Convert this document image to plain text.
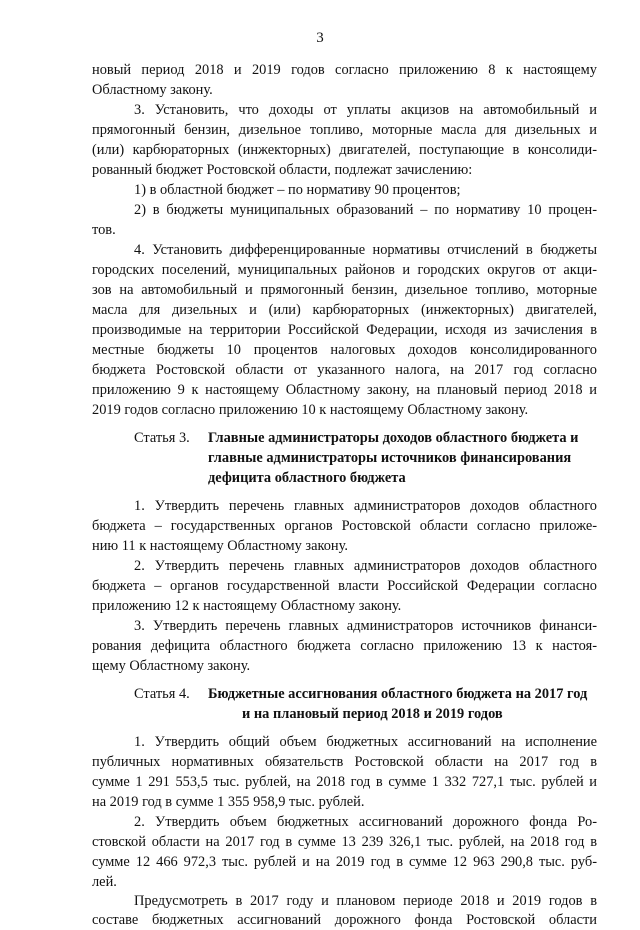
3
новый период 2018 и 2019 годов согласно приложению 8 к настоящему
Областному закону.
3. Установить, что доходы от уплаты акцизов на автомобильный и
прямогонный бензин, дизельное топливо, моторные масла для дизельных и
(или) карбюраторных (инжекторных) двигателей, поступающие в консолиди-
рованный бюджет Ростовской области, подлежат зачислению:
1) в областной бюджет – по нормативу 90 процентов;
2) в бюджеты муниципальных образований – по нормативу 10 процен-
тов.
4. Установить дифференцированные нормативы отчислений в бюджеты
городских поселений, муниципальных районов и городских округов от акци-
зов на автомобильный и прямогонный бензин, дизельное топливо, моторные
масла для дизельных и (или) карбюраторных (инжекторных) двигателей,
производимые на территории Российской Федерации, исходя из зачисления в
местные бюджеты 10 процентов налоговых доходов консолидированного
бюджета Ростовской области от указанного налога, на 2017 год согласно
приложению 9 к настоящему Областному закону, на плановый период 2018 и
2019 годов согласно приложению 10 к настоящему Областному закону.
Статья 3. Главные администраторы доходов областного бюджета и
главные администраторы источников финансирования
дефицита областного бюджета
1. Утвердить перечень главных администраторов доходов областного
бюджета – государственных органов Ростовской области согласно приложе-
нию 11 к настоящему Областному закону.
2. Утвердить перечень главных администраторов доходов областного
бюджета – органов государственной власти Российской Федерации согласно
приложению 12 к настоящему Областному закону.
3. Утвердить перечень главных администраторов источников финанси-
рования дефицита областного бюджета согласно приложению 13 к настоя-
щему Областному закону.
Статья 4. Бюджетные ассигнования областного бюджета на 2017 год
и на плановый период 2018 и 2019 годов
1. Утвердить общий объем бюджетных ассигнований на исполнение
публичных нормативных обязательств Ростовской области на 2017 год в
сумме 1 291 553,5 тыс. рублей, на 2018 год в сумме 1 332 727,1 тыс. рублей и
на 2019 год в сумме 1 355 958,9 тыс. рублей.
2. Утвердить объем бюджетных ассигнований дорожного фонда Ро-
стовской области на 2017 год в сумме 13 239 326,1 тыс. рублей, на 2018 год в
сумме 12 466 972,3 тыс. рублей и на 2019 год в сумме 12 963 290,8 тыс. руб-
лей.
Предусмотреть в 2017 году и плановом периоде 2018 и 2019 годов в
составе бюджетных ассигнований дорожного фонда Ростовской области
